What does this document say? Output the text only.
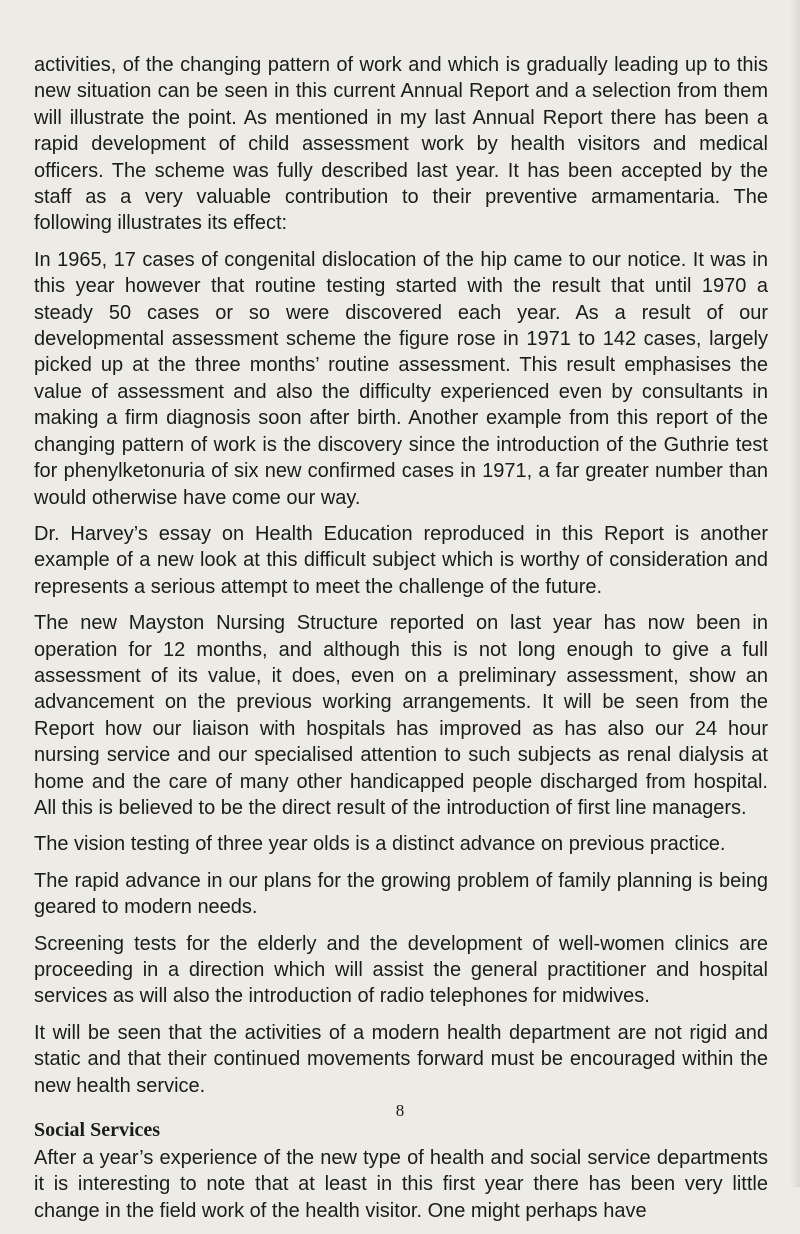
activities, of the changing pattern of work and which is gradually leading up to this new situation can be seen in this current Annual Report and a selection from them will illustrate the point. As mentioned in my last Annual Report there has been a rapid development of child assessment work by health visitors and medical officers. The scheme was fully described last year. It has been accepted by the staff as a very valuable contribution to their preventive armamentaria. The following illustrates its effect:

In 1965, 17 cases of congenital dislocation of the hip came to our notice. It was in this year however that routine testing started with the result that until 1970 a steady 50 cases or so were discovered each year. As a result of our developmental assessment scheme the figure rose in 1971 to 142 cases, largely picked up at the three months’ routine assessment. This result emphasises the value of assessment and also the difficulty experienced even by consultants in making a firm diagnosis soon after birth. Another example from this report of the changing pattern of work is the discovery since the introduction of the Guthrie test for phenylketonuria of six new confirmed cases in 1971, a far greater number than would otherwise have come our way.

Dr. Harvey’s essay on Health Education reproduced in this Report is another example of a new look at this difficult subject which is worthy of consideration and represents a serious attempt to meet the challenge of the future.

The new Mayston Nursing Structure reported on last year has now been in operation for 12 months, and although this is not long enough to give a full assessment of its value, it does, even on a preliminary assessment, show an advancement on the previous working arrangements. It will be seen from the Report how our liaison with hospitals has improved as has also our 24 hour nursing service and our specialised attention to such subjects as renal dialysis at home and the care of many other handicapped people discharged from hospital. All this is believed to be the direct result of the introduction of first line managers.

The vision testing of three year olds is a distinct advance on previous practice.

The rapid advance in our plans for the growing problem of family planning is being geared to modern needs.

Screening tests for the elderly and the development of well-women clinics are proceeding in a direction which will assist the general practitioner and hospital services as will also the introduction of radio telephones for midwives.

It will be seen that the activities of a modern health department are not rigid and static and that their continued movements forward must be encouraged within the new health service.

Social Services

After a year’s experience of the new type of health and social service departments it is interesting to note that at least in this first year there has been very little change in the field work of the health visitor. One might perhaps have

8
